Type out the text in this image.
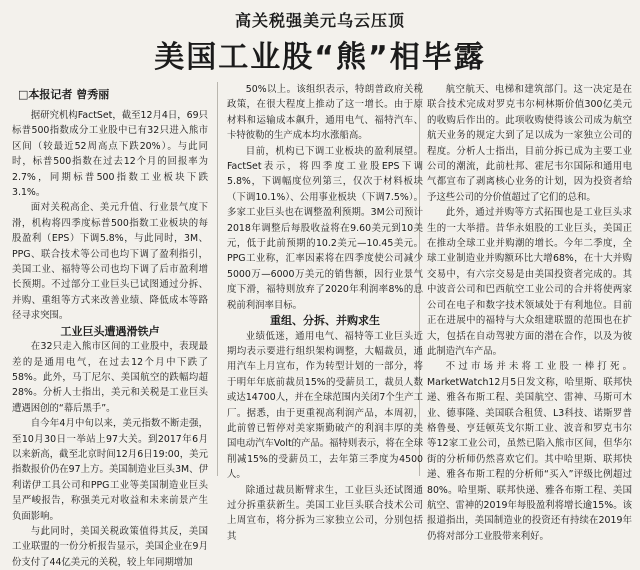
高关税强美元乌云压顶
美国工业股“熊”相毕露
□本报记者 曾秀丽

据研究机构FactSet，截至12月4日，69只标普500指数成分工业股中已有32只进入熊市区间（较最近52周高点下跌20%）。与此同时，标普500指数在过去12个月的回报率为2.7%，同期标普500指数工业板块下跌3.1%。

面对关税高企、美元升值、行业景气度下滑，机构将四季度标普500指数工业板块的每股盈利（EPS）下调5.8%，与此同时，3M、PPG、联合技术等公司也均下调了盈利指引，美国工业、福特等公司也均下调了后市盈利增长预期。不过部分工业巨头已试图通过分拆、并购、重组等方式来改善业绩、降低成本等路径寻求突围。

工业巨头遭遇滑铁卢

在32只走入熊市区间的工业股中，表现最差的是通用电气，在过去12个月中下跌了58%。此外，马丁尼尔、美国航空的跌幅均超28%。分析人士指出，美元和关税是工业巨头遭遇困创的“幕后黑手”。

自今年4月中旬以来，美元指数不断走强，至10月30日一举站上97大关。到2017年6月以来新高，截至北京时间12月6日19:00，美元指数报价仍在97上方。美国制造业巨头3M、伊利诺伊工具公司和PPG工业等美国制造业巨头呈严峻报告，称强美元对收益和未来前景产生负面影响。

与此同时，美国关税政策值得其反，美国工业联盟的一份分析报告显示，美国企业在9月份支付了44亿美元的关税，较上年同期增加

50%以上。该组织表示，特朗普政府关税政策，在很大程度上推动了这一增长。由于原材料和运输成本飙升，通用电气、福特汽车、卡特彼勒的生产成本均水涨船高。

目前，机构已下调工业板块的盈利展望。FactSet表示，将四季度工业股EPS下调5.8%，下调幅度位列第三，仅次于材料板块（下调10.1%）、公用事业板块（下调7.5%）。多家工业巨头也在调整盈利预期。3M公司预计2018年调整后每股收益将在9.60美元到10美元，低于此前预期的10.2美元—10.45美元。PPG工业称，汇率因素将在四季度使公司减少5000万—6000万美元的销售额，因行业景气度下滑，福特则放弃了2020年利润率8%的息税前利润率目标。

重组、分拆、并购求生

业绩低迷，通用电气、福特等工业巨头近期均表示要进行组织架构调整，大幅裁员，通用汽车上月宣布，作为转型计划的一部分，将于明年年底前裁员15%的受薪员工，裁员人数或达14700人，并在全球范围内关闭7个生产工厂。据悉，由于更重视高利润产品，本周初，此前曾已暂停对美家斯勤破产的利润丰厚的美国电动汽车Volt的产品。福特则表示，将在全球削减15%的受薪员工，去年第三季度为4500人。

除通过裁员断臂求生，工业巨头还试图通过分拆重获新生。美国工业巨头联合技术公司上周宣布，将分拆为三家独立公司，分别包括其

航空航天、电梯和建筑部门。这一决定是在联合技术完成对罗克韦尔柯林斯价值300亿美元的收购后作出的。此项收购使得该公司成为航空航天业务的规定大到了足以成为一家独立公司的程度。分析人士指出，目前分拆已成为主要工业公司的潮流，此前杜邦、霍尼韦尔国际和通用电气都宣布了剥离核心业务的计划，因为投资者给予这些公司的分价值超过了它们的总和。

此外，通过并购等方式拓围也是工业巨头求生的一大举措。昔华永姐股的工业巨头，美国正在推动全球工业并购潮的增长。今年二季度，全球工业制造业并购额环比大增68%，在十大并购交易中，有六宗交易是由美国投资者完成的。其中波音公司和巴西航空工业公司的合并将使两家公司在电子和数字技术领域处于有利地位。目前正在进展中的福特与大众组建联盟的范围也在扩大，包括在自动驾驶方面的潜在合作，以及为彼此制造汽车产品。

不过市场并未将工业股一棒打死。MarketWatch12月5日发文称，哈里斯、联邦快递、雅各布斯工程、美国航空、雷神、马斯可木业、德事隆、美国联合租赁、L3科技、诺斯罗普格鲁曼、亨廷顿英戈尔斯工业、波音和罗克韦尔等12家工业公司，虽然已陷入熊市区间，但华尔街的分析师仍然喜欢它们。其中哈里斯、联邦快递、雅各布斯工程的分析师“买入”评级比例超过80%。哈里斯、联邦快递、雅各布斯工程、美国航空、雷神的2019年每股盈利将增长逾15%。该报道指出，美国制造业的投资还有持续在2019年仍将对部分工业股带来利好。
